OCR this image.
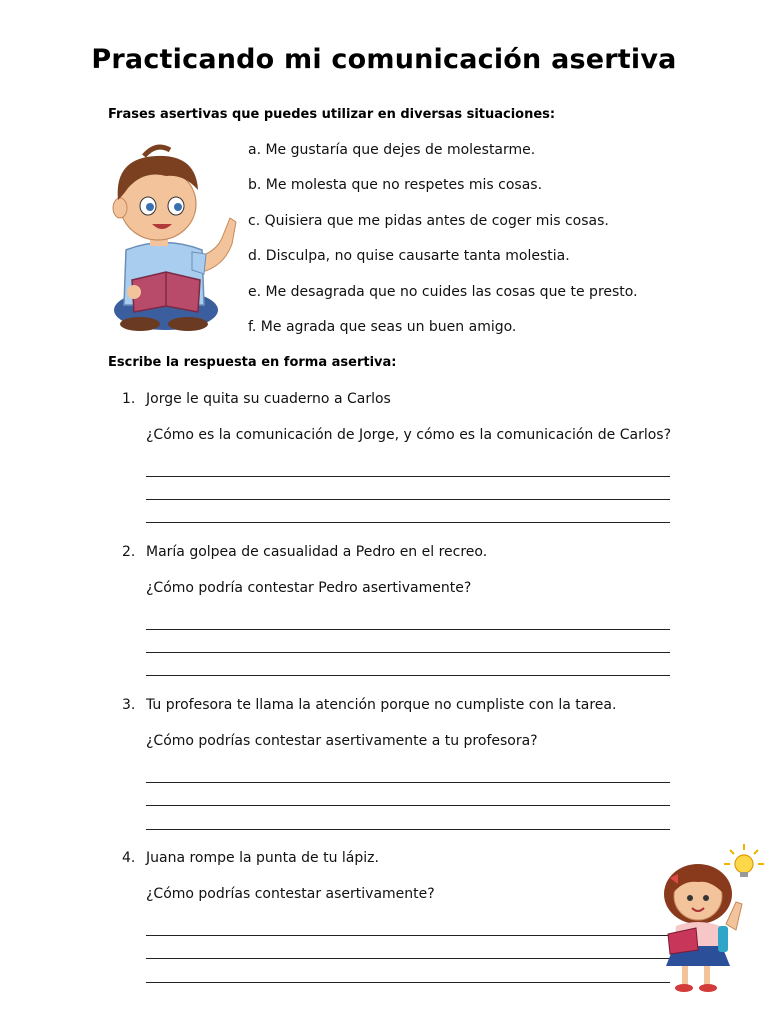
Practicando mi comunicación asertiva
Frases asertivas que puedes utilizar en diversas situaciones:
a. Me gustaría que dejes de molestarme.
b. Me molesta que no respetes mis cosas.
c. Quisiera que me pidas antes de coger mis cosas.
d. Disculpa, no quise causarte tanta molestia.
e. Me desagrada que no cuides las cosas que te presto.
f. Me agrada que seas un buen amigo.
Escribe la respuesta en forma asertiva:
1. Jorge le quita su cuaderno a Carlos
¿Cómo es la comunicación de Jorge, y cómo es la comunicación de Carlos?
2. María golpea de casualidad a Pedro en el recreo.
¿Cómo podría contestar Pedro asertivamente?
3. Tu profesora te llama la atención porque no cumpliste con la tarea.
¿Cómo podrías contestar asertivamente a tu profesora?
4. Juana rompe la punta de tu lápiz.
¿Cómo podrías contestar asertivamente?
